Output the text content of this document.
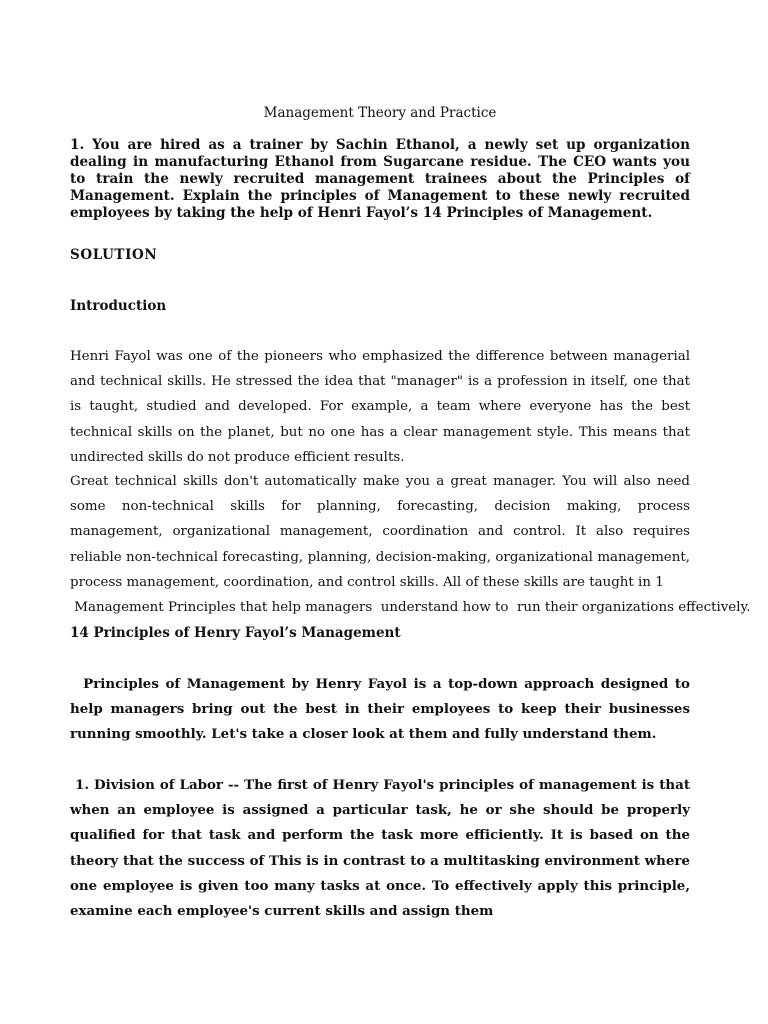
Management Theory and Practice
1. You are hired as a trainer by Sachin Ethanol, a newly set up organization dealing in manufacturing Ethanol from Sugarcane residue. The CEO wants you to train the newly recruited management trainees about the Principles of Management. Explain the principles of Management to these newly recruited employees by taking the help of Henri Fayol’s 14 Principles of Management.
SOLUTION
Introduction

Henri Fayol was one of the pioneers who emphasized the difference between managerial and technical skills. He stressed the idea that "manager" is a profession in itself, one that is taught, studied and developed. For example, a team where everyone has the best technical skills on the planet, but no one has a clear management style. This means that undirected skills do not produce efficient results.

Great technical skills don't automatically make you a great manager. You will also need some non-technical skills for planning, forecasting, decision making, process management, organizational management, coordination and control. It also requires reliable non-technical forecasting, planning, decision-making, organizational management, process management, coordination, and control skills. All of these skills are taught in 1

Management Principles that help managers  understand how to  run their organizations effectively.

14 Principles of Henry Fayol’s Management

Principles of Management by Henry Fayol is a top-down approach designed to help managers bring out the best in their employees to keep their businesses running smoothly. Let's take a closer look at them and fully understand them.

1. Division of Labor -- The first of Henry Fayol's principles of management is that when an employee is assigned a particular task, he or she should be properly qualified for that task and perform the task more efficiently. It is based on the theory that the success of This is in contrast to a multitasking environment where one employee is given too many tasks at once. To effectively apply this principle, examine each employee's current skills and assign them
